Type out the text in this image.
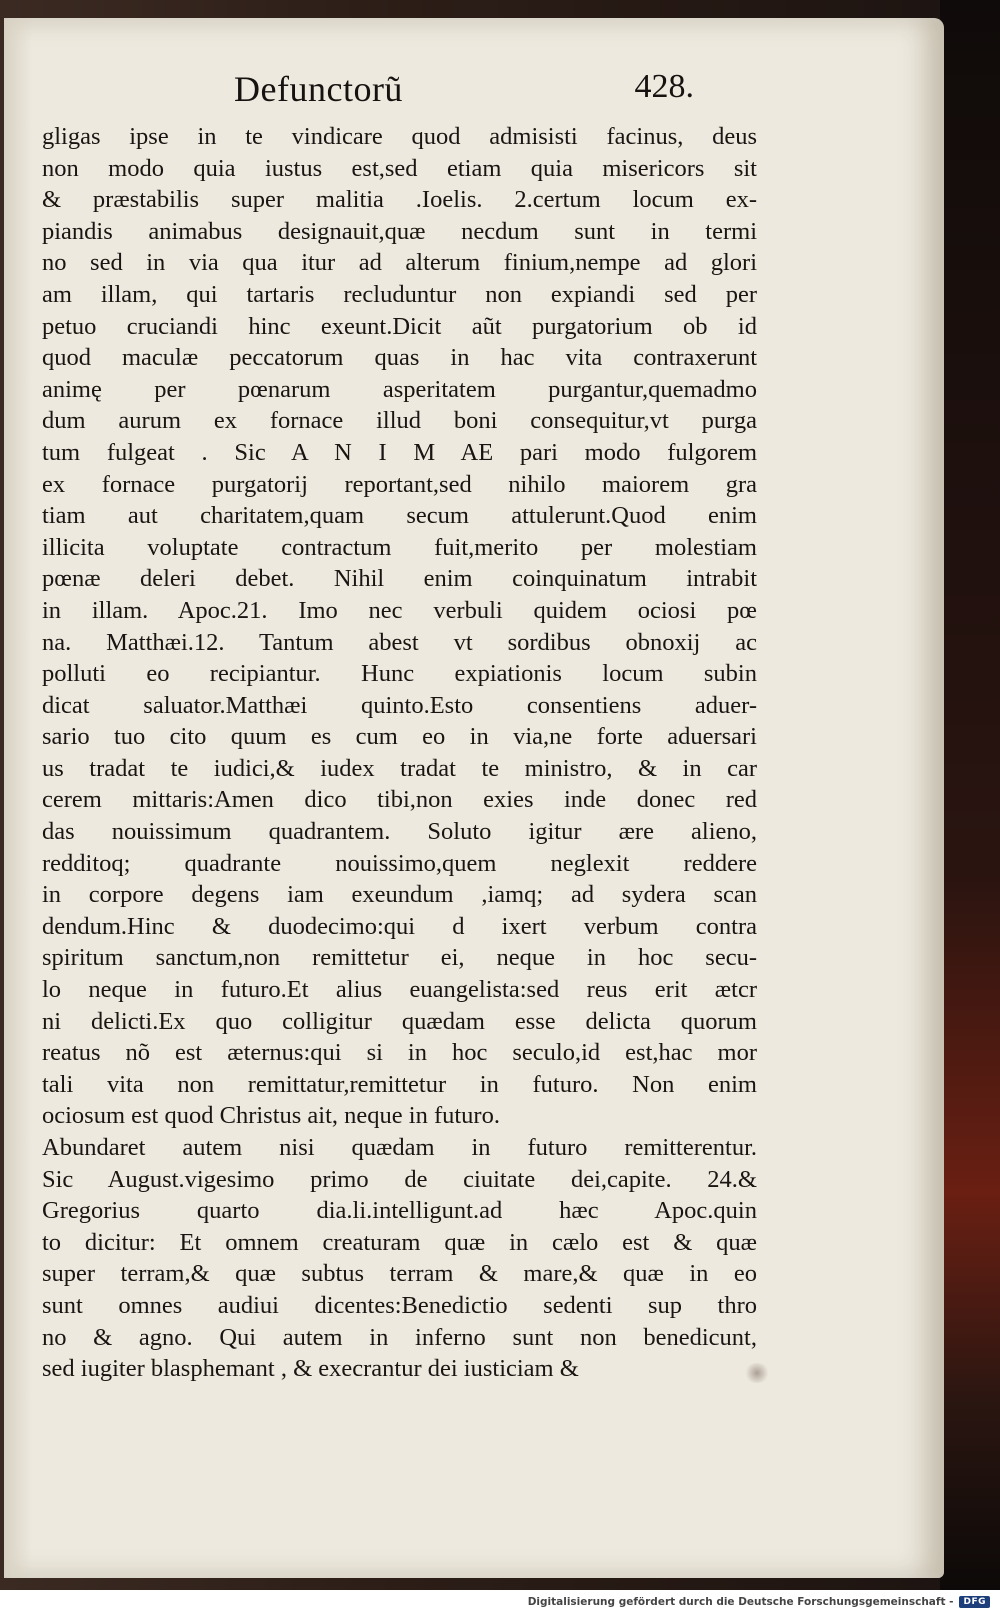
Defunctorũ	428.
gligas ipse in te vindicare quod admisisti facinus, deus
non modo quia iustus est,sed etiam quia misericors sit
& præstabilis super malitia .Ioelis. 2.certum locum ex-
piandis animabus designauit,quæ necdum sunt in termi
no sed in via qua itur ad alterum finium,nempe ad glori
am illam, qui tartaris recluduntur non expiandi sed per
petuo cruciandi hinc exeunt.Dicit aũt purgatorium ob id
quod maculæ peccatorum quas in hac vita contraxerunt
animę per pœnarum asperitatem purgantur,quemadmo
dum aurum ex fornace illud boni consequitur,vt purga
tum fulgeat . Sic A N I M AE pari modo fulgorem
ex fornace purgatorij reportant,sed nihilo maiorem gra
tiam aut charitatem,quam secum attulerunt.Quod enim
illicita voluptate contractum fuit,merito per molestiam
pœnæ deleri debet. Nihil enim coinquinatum intrabit
in illam. Apoc.21. Imo nec verbuli quidem ociosi pœ
na. Matthæi.12. Tantum abest vt sordibus obnoxij ac
polluti eo recipiantur. Hunc expiationis locum subin
dicat saluator.Matthæi quinto.Esto consentiens aduer-
sario tuo cito quum es cum eo in via,ne forte aduersari
us tradat te iudici,& iudex tradat te ministro, & in car
cerem mittaris:Amen dico tibi,non exies inde donec red
das nouissimum quadrantem. Soluto igitur ære alieno,
redditoq; quadrante nouissimo,quem neglexit reddere
in corpore degens iam exeundum ,iamq; ad sydera scan
dendum.Hinc & duodecimo:qui d ixert verbum contra
spiritum sanctum,non remittetur ei, neque in hoc secu-
lo neque in futuro.Et alius euangelista:sed reus erit ætcr
ni delicti.Ex quo colligitur quædam esse delicta quorum
reatus nõ est æternus:qui si in hoc seculo,id est,hac mor
tali vita non remittatur,remittetur in futuro. Non enim
ociosum est quod Christus ait, neque in futuro.
Abundaret autem nisi quædam in futuro remitterentur.
Sic August.vigesimo primo de ciuitate dei,capite. 24.&
Gregorius quarto dia.li.intelligunt.ad hæc Apoc.quin
to dicitur: Et omnem creaturam quæ in cælo est & quæ
super terram,& quæ subtus terram & mare,& quæ in eo
sunt omnes audiui dicentes:Benedictio sedenti sup thro
no & agno. Qui autem in inferno sunt non benedicunt,
sed iugiter blasphemant , & execrantur dei iusticiam &
Digitalisierung gefördert durch die Deutsche Forschungsgemeinschaft -	DFG
